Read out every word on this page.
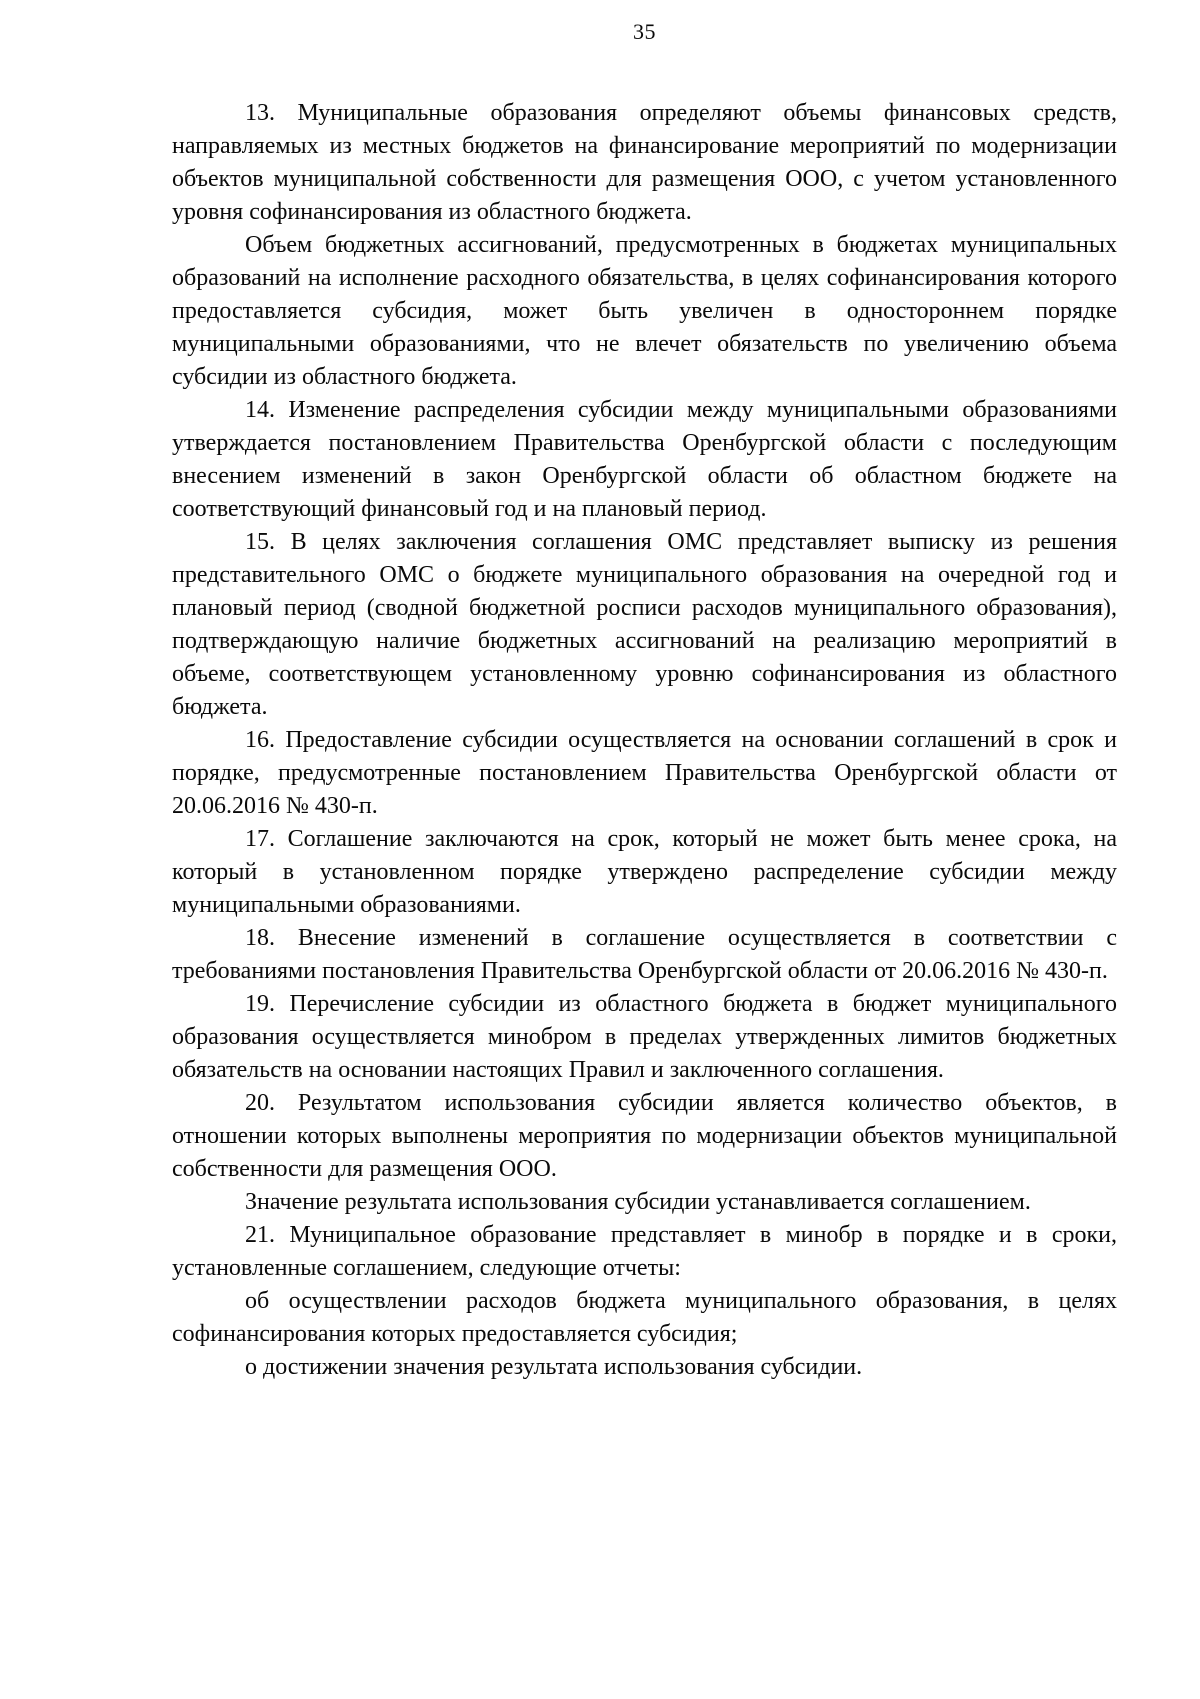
35

13. Муниципальные образования определяют объемы финансовых средств, направляемых из местных бюджетов на финансирование мероприятий по модернизации объектов муниципальной собственности для размещения ООО, с учетом установленного уровня софинансирования из областного бюджета.

Объем бюджетных ассигнований, предусмотренных в бюджетах муниципальных образований на исполнение расходного обязательства, в целях софинансирования которого предоставляется субсидия, может быть увеличен в одностороннем порядке муниципальными образованиями, что не влечет обязательств по увеличению объема субсидии из областного бюджета.

14. Изменение распределения субсидии между муниципальными образованиями утверждается постановлением Правительства Оренбургской области с последующим внесением изменений в закон Оренбургской области об областном бюджете на соответствующий финансовый год и на плановый период.

15. В целях заключения соглашения ОМС представляет выписку из решения представительного ОМС о бюджете муниципального образования на очередной год и плановый период (сводной бюджетной росписи расходов муниципального образования), подтверждающую наличие бюджетных ассигнований на реализацию мероприятий в объеме, соответствующем установленному уровню софинансирования из областного бюджета.

16. Предоставление субсидии осуществляется на основании соглашений в срок и порядке, предусмотренные постановлением Правительства Оренбургской области от 20.06.2016 № 430-п.

17. Соглашение заключаются на срок, который не может быть менее срока, на который в установленном порядке утверждено распределение субсидии между муниципальными образованиями.

18. Внесение изменений в соглашение осуществляется в соответствии с требованиями постановления Правительства Оренбургской области от 20.06.2016 № 430-п.

19. Перечисление субсидии из областного бюджета в бюджет муниципального образования осуществляется минобром в пределах утвержденных лимитов бюджетных обязательств на основании настоящих Правил и заключенного соглашения.

20. Результатом использования субсидии является количество объектов, в отношении которых выполнены мероприятия по модернизации объектов муниципальной собственности для размещения ООО.

Значение результата использования субсидии устанавливается соглашением.

21. Муниципальное образование представляет в минобр в порядке и в сроки, установленные соглашением, следующие отчеты:

об осуществлении расходов бюджета муниципального образования, в целях софинансирования которых предоставляется субсидия;

о достижении значения результата использования субсидии.
